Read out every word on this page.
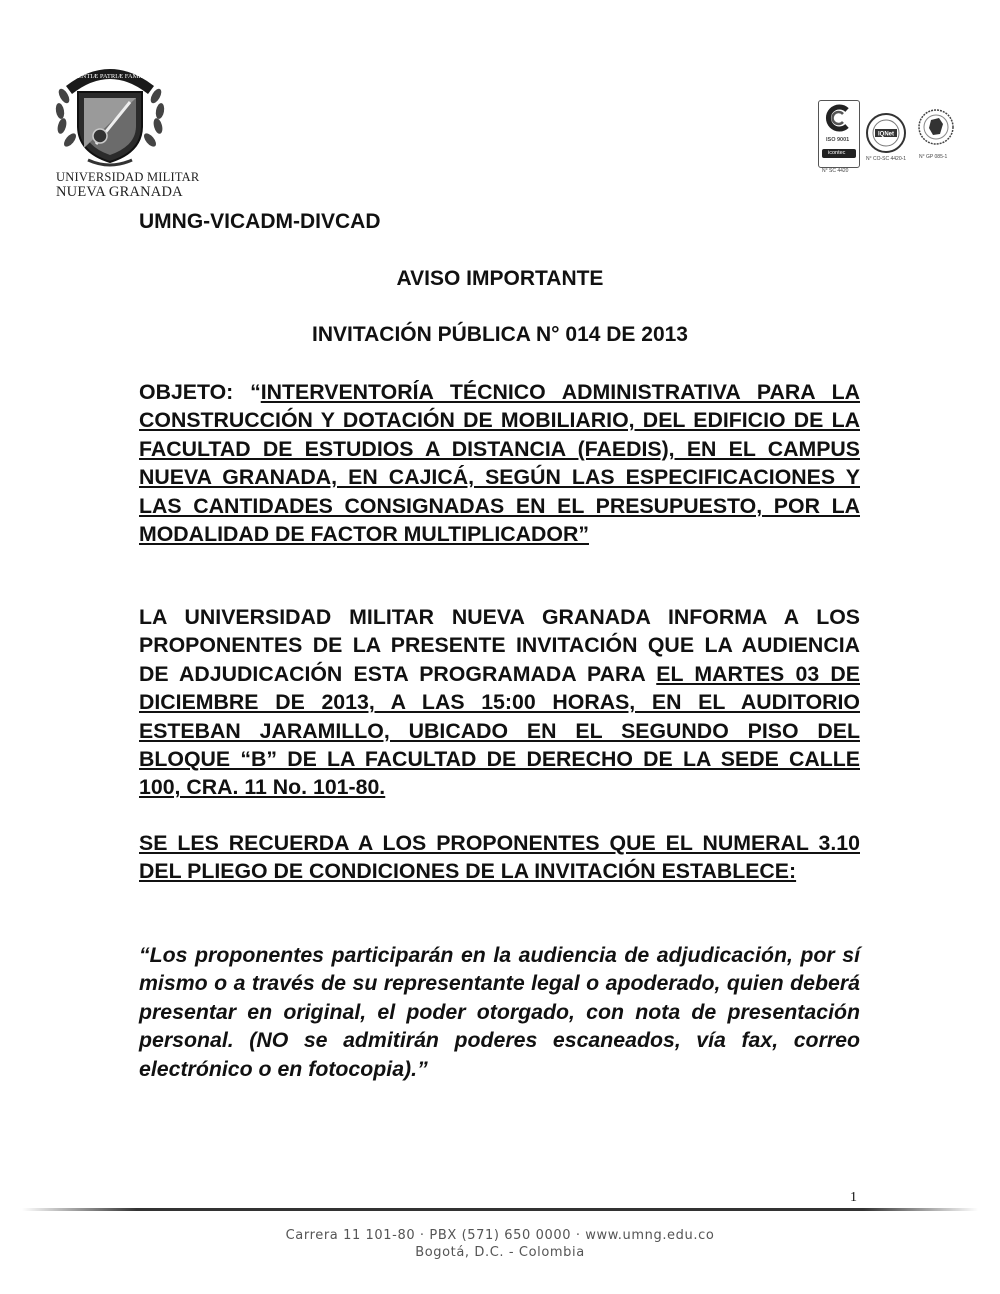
SCIENTIÆ PATRIÆ FAMILIÆ
UNIVERSIDAD MILITAR
NUEVA GRANADA
ISO 9001
icontec
N° SC 4420
IQNet
N° CO-SC 4420-1	N° GP 085-1
UMNG-VICADM-DIVCAD
AVISO IMPORTANTE
INVITACIÓN PÚBLICA N° 014 DE 2013
OBJETO: “INTERVENTORÍA TÉCNICO ADMINISTRATIVA PARA LA CONSTRUCCIÓN Y DOTACIÓN DE MOBILIARIO, DEL EDIFICIO DE LA FACULTAD DE ESTUDIOS A DISTANCIA (FAEDIS), EN EL CAMPUS NUEVA GRANADA, EN CAJICÁ, SEGÚN LAS ESPECIFICACIONES Y LAS CANTIDADES CONSIGNADAS EN EL PRESUPUESTO, POR LA MODALIDAD DE FACTOR MULTIPLICADOR”
LA UNIVERSIDAD MILITAR NUEVA GRANADA INFORMA A LOS PROPONENTES DE LA PRESENTE INVITACIÓN QUE LA AUDIENCIA DE ADJUDICACIÓN ESTA PROGRAMADA PARA EL MARTES 03 DE DICIEMBRE DE 2013, A LAS 15:00 HORAS, EN EL AUDITORIO ESTEBAN JARAMILLO, UBICADO EN EL SEGUNDO PISO DEL BLOQUE “B” DE LA FACULTAD DE DERECHO DE LA SEDE CALLE 100, CRA. 11 No. 101-80.
SE LES RECUERDA A LOS PROPONENTES QUE EL NUMERAL 3.10 DEL PLIEGO DE CONDICIONES DE LA INVITACIÓN ESTABLECE:
“Los proponentes participarán en la audiencia de adjudicación, por sí mismo o a través de su representante legal o apoderado, quien deberá presentar en original, el poder otorgado, con nota de presentación personal. (NO se admitirán poderes escaneados, vía fax, correo electrónico o en fotocopia).”
1
Carrera 11 101-80 · PBX (571) 650 0000 · www.umng.edu.co
Bogotá, D.C. - Colombia
